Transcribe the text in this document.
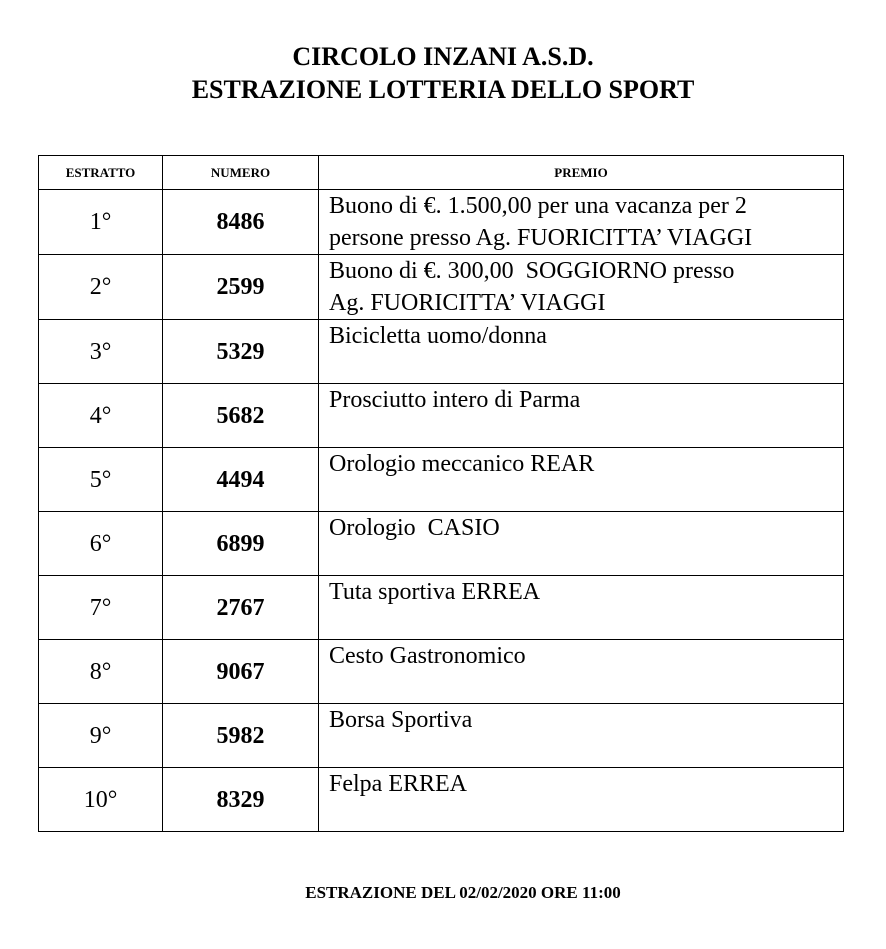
CIRCOLO INZANI A.S.D.
ESTRAZIONE LOTTERIA DELLO SPORT
ESTRATTO	NUMERO	PREMIO
1°	8486	Buono di €. 1.500,00 per una vacanza per 2
persone presso Ag. FUORICITTA’ VIAGGI
2°	2599	Buono di €. 300,00  SOGGIORNO presso
Ag. FUORICITTA’ VIAGGI
3°	5329	Bicicletta uomo/donna
4°	5682	Prosciutto intero di Parma
5°	4494	Orologio meccanico REAR
6°	6899	Orologio  CASIO
7°	2767	Tuta sportiva ERREA
8°	9067	Cesto Gastronomico
9°	5982	Borsa Sportiva
10°	8329	Felpa ERREA

ESTRAZIONE DEL 02/02/2020 ORE 11:00
